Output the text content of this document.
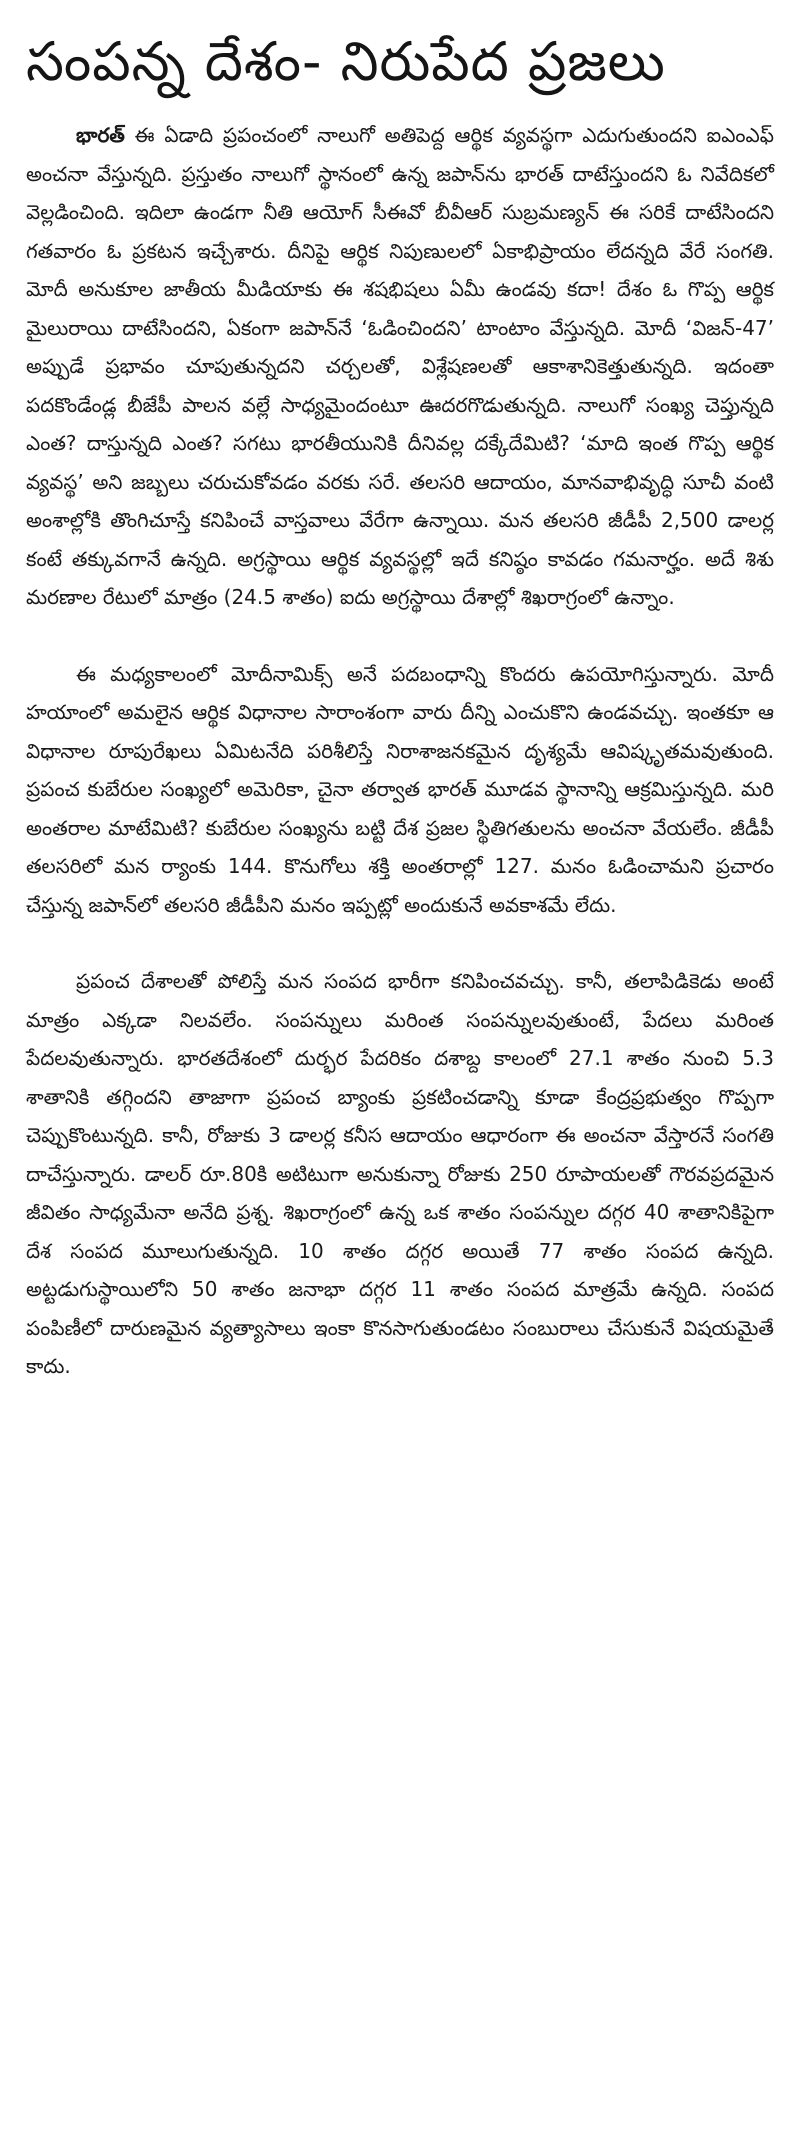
సంపన్న దేశం- నిరుపేద ప్రజలు

భారత్ ఈ ఏడాది ప్రపంచంలో నాలుగో అతిపెద్ద ఆర్థిక వ్యవస్థగా ఎదుగుతుందని ఐఎంఎఫ్ అంచనా వేస్తున్నది. ప్రస్తుతం నాలుగో స్థానంలో ఉన్న జపాన్‌ను భారత్ దాటేస్తుందని ఓ నివేదికలో వెల్లడించింది. ఇదిలా ఉండగా నీతి ఆయోగ్ సీఈవో బీవీఆర్ సుబ్రమణ్యన్ ఈ సరికే దాటేసిందని గతవారం ఓ ప్రకటన ఇచ్చేశారు. దీనిపై ఆర్థిక నిపుణులలో ఏకాభిప్రాయం లేదన్నది వేరే సంగతి. మోదీ అనుకూల జాతీయ మీడియాకు ఈ శషభిషలు ఏమీ ఉండవు కదా! దేశం ఓ గొప్ప ఆర్థిక మైలురాయి దాటేసిందని, ఏకంగా జపాన్‌నే ‘ఓడించిందని’ టాంటాం వేస్తున్నది. మోదీ ‘విజన్-47’ అప్పుడే ప్రభావం చూపుతున్నదని చర్చలతో, విశ్లేషణలతో ఆకాశానికెత్తుతున్నది. ఇదంతా పదకొండేండ్ల బీజేపీ పాలన వల్లే సాధ్యమైందంటూ ఊదరగొడుతున్నది. నాలుగో సంఖ్య చెప్తున్నది ఎంత? దాస్తున్నది ఎంత? సగటు భారతీయునికి దీనివల్ల దక్కేదేమిటి? ‘మాది ఇంత గొప్ప ఆర్థిక వ్యవస్థ’ అని జబ్బలు చరుచుకోవడం వరకు సరే. తలసరి ఆదాయం, మానవాభివృద్ధి సూచీ వంటి అంశాల్లోకి తొంగిచూస్తే కనిపించే వాస్తవాలు వేరేగా ఉన్నాయి. మన తలసరి జీడీపీ 2,500 డాలర్ల కంటే తక్కువగానే ఉన్నది. అగ్రస్థాయి ఆర్థిక వ్యవస్థల్లో ఇదే కనిష్ఠం కావడం గమనార్హం. అదే శిశు మరణాల రేటులో మాత్రం (24.5 శాతం) ఐదు అగ్రస్థాయి దేశాల్లో శిఖరాగ్రంలో ఉన్నాం.

ఈ మధ్యకాలంలో మోదీనామిక్స్ అనే పదబంధాన్ని కొందరు ఉపయోగిస్తున్నారు. మోదీ హయాంలో అమలైన ఆర్థిక విధానాల సారాంశంగా వారు దీన్ని ఎంచుకొని ఉండవచ్చు. ఇంతకూ ఆ విధానాల రూపురేఖలు ఏమిటనేది పరిశీలిస్తే నిరాశాజనకమైన దృశ్యమే ఆవిష్కృతమవుతుంది. ప్రపంచ కుబేరుల సంఖ్యలో అమెరికా, చైనా తర్వాత భారత్ మూడవ స్థానాన్ని ఆక్రమిస్తున్నది. మరి అంతరాల మాటేమిటి? కుబేరుల సంఖ్యను బట్టి దేశ ప్రజల స్థితిగతులను అంచనా వేయలేం. జీడీపీ తలసరిలో మన ర్యాంకు 144. కొనుగోలు శక్తి అంతరాల్లో 127. మనం ఓడించామని ప్రచారం చేస్తున్న జపాన్‌లో తలసరి జీడీపీని మనం ఇప్పట్లో అందుకునే అవకాశమే లేదు.

ప్రపంచ దేశాలతో పోలిస్తే మన సంపద భారీగా కనిపించవచ్చు. కానీ, తలాపిడికెడు అంటే మాత్రం ఎక్కడా నిలవలేం. సంపన్నులు మరింత సంపన్నులవుతుంటే, పేదలు మరింత పేదలవుతున్నారు. భారతదేశంలో దుర్భర పేదరికం దశాబ్ద కాలంలో 27.1 శాతం నుంచి 5.3 శాతానికి తగ్గిందని తాజాగా ప్రపంచ బ్యాంకు ప్రకటించడాన్ని కూడా కేంద్రప్రభుత్వం గొప్పగా చెప్పుకొంటున్నది. కానీ, రోజుకు 3 డాలర్ల కనీస ఆదాయం ఆధారంగా ఈ అంచనా వేస్తారనే సంగతి దాచేస్తున్నారు. డాలర్ రూ.80కి అటిటుగా అనుకున్నా రోజుకు 250 రూపాయలతో గౌరవప్రదమైన జీవితం సాధ్యమేనా అనేది ప్రశ్న. శిఖరాగ్రంలో ఉన్న ఒక శాతం సంపన్నుల దగ్గర 40 శాతానికిపైగా దేశ సంపద మూలుగుతున్నది. 10 శాతం దగ్గర అయితే 77 శాతం సంపద ఉన్నది. అట్టడుగుస్థాయిలోని 50 శాతం జనాభా దగ్గర 11 శాతం సంపద మాత్రమే ఉన్నది. సంపద పంపిణీలో దారుణమైన వ్యత్యాసాలు ఇంకా కొనసాగుతుండటం సంబురాలు చేసుకునే విషయమైతే కాదు.
